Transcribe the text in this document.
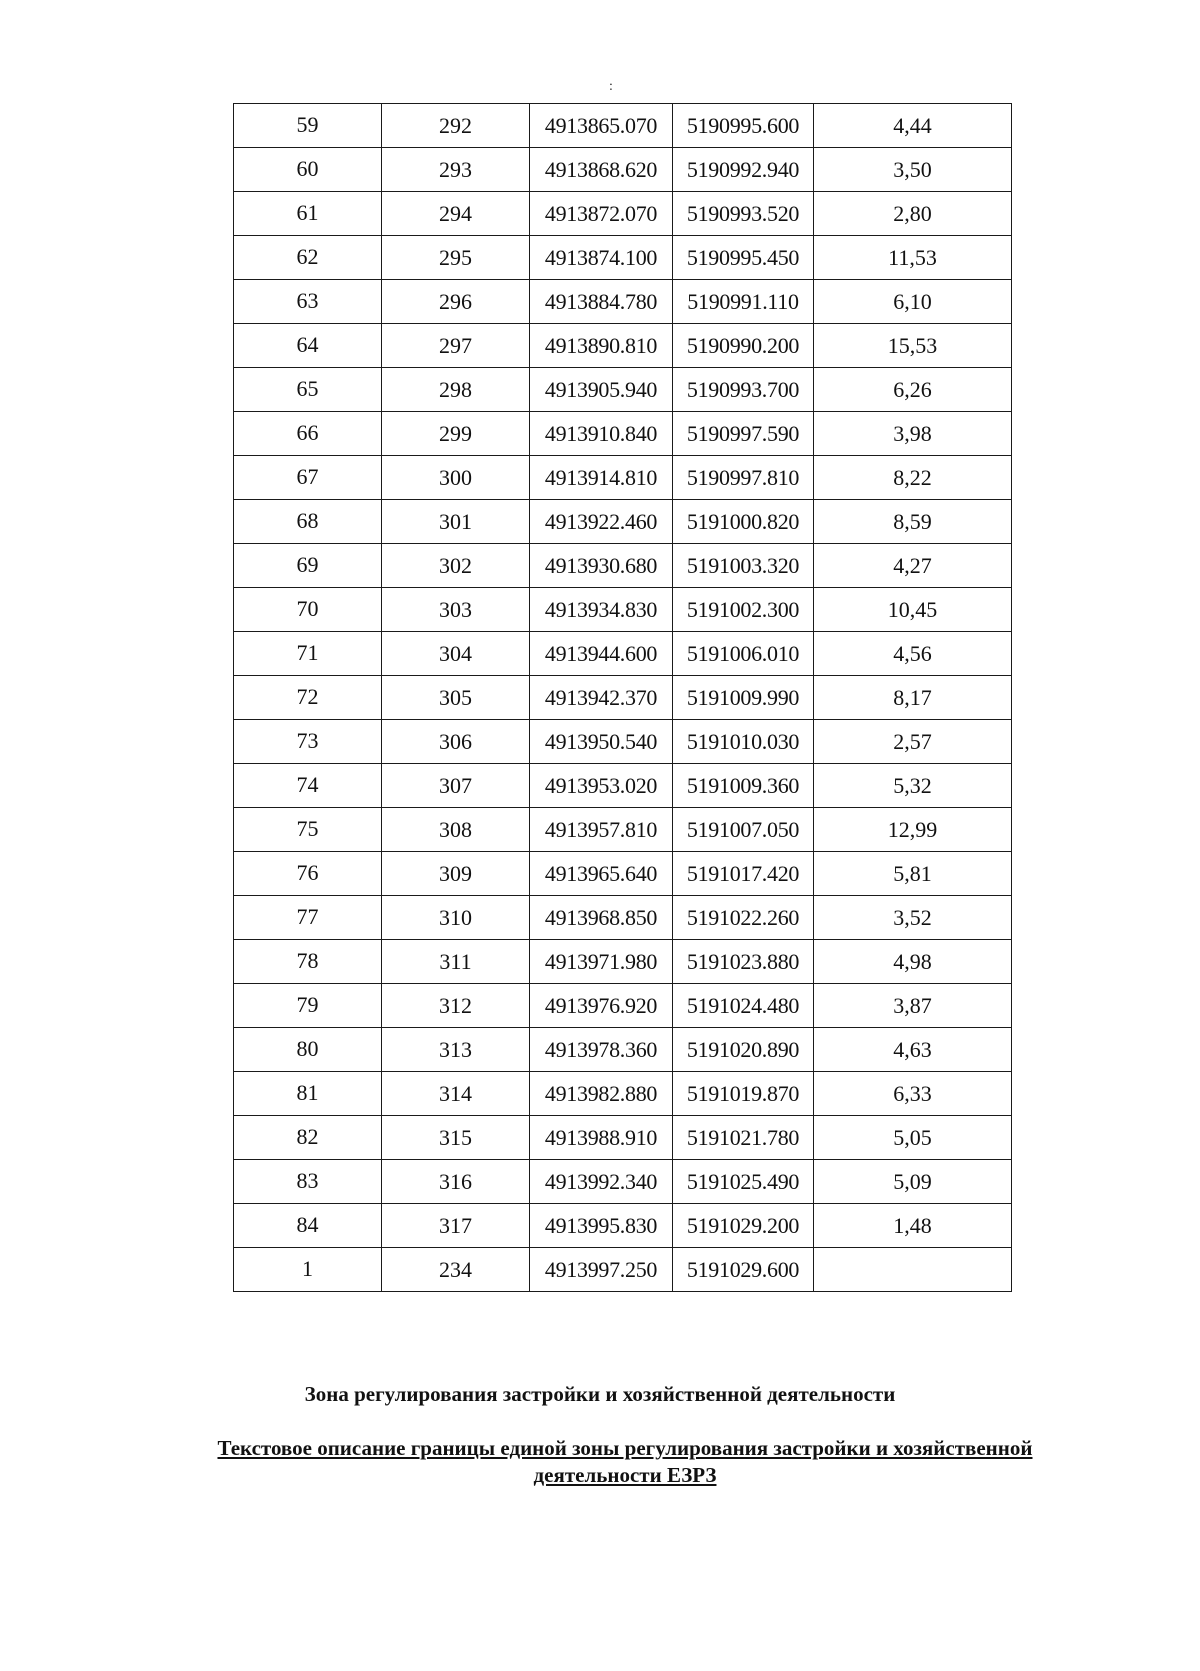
:
59	292	4913865.070	5190995.600	4,44
60	293	4913868.620	5190992.940	3,50
61	294	4913872.070	5190993.520	2,80
62	295	4913874.100	5190995.450	11,53
63	296	4913884.780	5190991.110	6,10
64	297	4913890.810	5190990.200	15,53
65	298	4913905.940	5190993.700	6,26
66	299	4913910.840	5190997.590	3,98
67	300	4913914.810	5190997.810	8,22
68	301	4913922.460	5191000.820	8,59
69	302	4913930.680	5191003.320	4,27
70	303	4913934.830	5191002.300	10,45
71	304	4913944.600	5191006.010	4,56
72	305	4913942.370	5191009.990	8,17
73	306	4913950.540	5191010.030	2,57
74	307	4913953.020	5191009.360	5,32
75	308	4913957.810	5191007.050	12,99
76	309	4913965.640	5191017.420	5,81
77	310	4913968.850	5191022.260	3,52
78	311	4913971.980	5191023.880	4,98
79	312	4913976.920	5191024.480	3,87
80	313	4913978.360	5191020.890	4,63
81	314	4913982.880	5191019.870	6,33
82	315	4913988.910	5191021.780	5,05
83	316	4913992.340	5191025.490	5,09
84	317	4913995.830	5191029.200	1,48
1	234	4913997.250	5191029.600	
Зона регулирования застройки и хозяйственной деятельности
Текстовое описание границы единой зоны регулирования застройки и хозяйственной деятельности ЕЗРЗ
